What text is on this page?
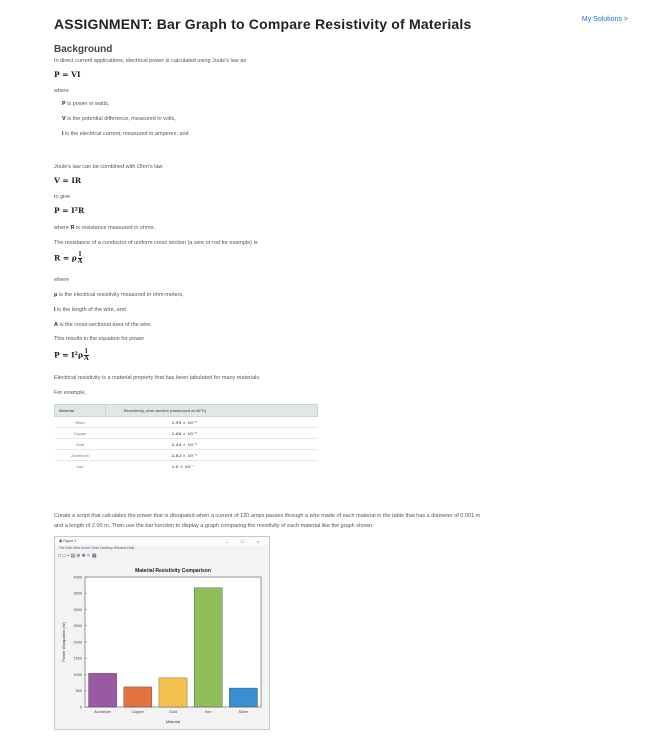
ASSIGNMENT: Bar Graph to Compare Resistivity of Materials	My Solutions >
Background
In direct current applications, electrical power is calculated using Joule's law as
P = VI
where
P is power in watts,
V is the potential difference, measured in volts,
I is the electrical current, measured in amperes, and
Joule's law can be combined with Ohm's law
V = IR
to give
P = I²R
where R is resistance measured in ohms.
The resistance of a conductor of uniform cross section (a wire or rod for example) is
R = ρ $\frac{l}{A}$
where
ρ is the electrical resistivity measured in ohm-meters,
l is the length of the wire, and
A is the cross-sectional area of the wire.
This results in the equation for power
$P = I^2\rho \frac{l}{A}$
Electrical resistivity is a material property that has been tabulated for many materials.
For example,
Material	Resistivity, ohm-meters (measured at 20°C)
Silver	1.59 × 10⁻⁸
Copper	1.68 × 10⁻⁸
Gold	2.44 × 10⁻⁸
Aluminum	2.82 × 10⁻⁸
Iron	1.0 × 10⁻⁷
Create a script that calculates the power that is dissipated when a current of 120 amps passes through a wire made of each material in the table that has a diameter of 0.001 m
and a length of 2.00 m. Then use the bar function to display a graph comparing the resistivity of each material like the graph shown.
▣ Figure 1	– □ ×
File Edit View Insert Tools Desktop Window Help
□▭▪▤⊕✥↖▦
Material Resistivity Comparison
0
500
1000
1500
2000
2500
3000
3500
4000
Aluminum	Copper	Gold	Iron	Silver
Material
Power Dissipation (W)
